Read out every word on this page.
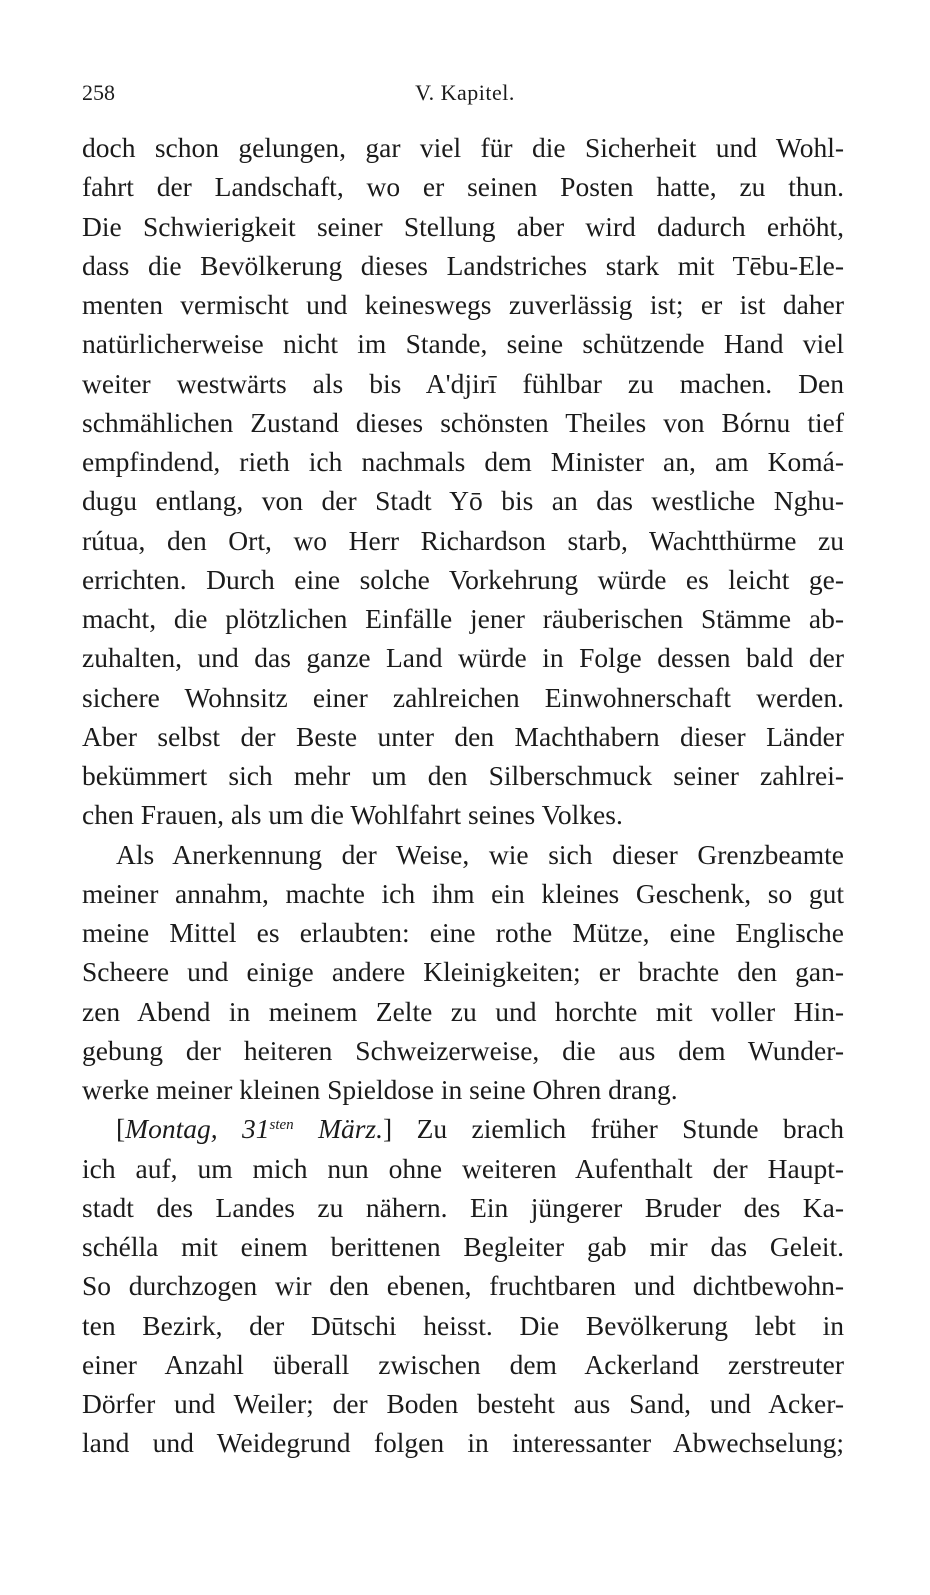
258	V. Kapitel.
doch schon gelungen, gar viel für die Sicherheit und Wohl-
fahrt der Landschaft, wo er seinen Posten hatte, zu thun.
Die Schwierigkeit seiner Stellung aber wird dadurch erhöht,
dass die Bevölkerung dieses Landstriches stark mit Tēbu-Ele-
menten vermischt und keineswegs zuverlässig ist; er ist daher
natürlicherweise nicht im Stande, seine schützende Hand viel
weiter westwärts als bis A'djirī fühlbar zu machen. Den
schmählichen Zustand dieses schönsten Theiles von Bórnu tief
empfindend, rieth ich nachmals dem Minister an, am Komá-
dugu entlang, von der Stadt Yō bis an das westliche Nghu-
rútua, den Ort, wo Herr Richardson starb, Wachtthürme zu
errichten. Durch eine solche Vorkehrung würde es leicht ge-
macht, die plötzlichen Einfälle jener räuberischen Stämme ab-
zuhalten, und das ganze Land würde in Folge dessen bald der
sichere Wohnsitz einer zahlreichen Einwohnerschaft werden.
Aber selbst der Beste unter den Machthabern dieser Länder
bekümmert sich mehr um den Silberschmuck seiner zahlrei-
chen Frauen, als um die Wohlfahrt seines Volkes.
Als Anerkennung der Weise, wie sich dieser Grenzbeamte
meiner annahm, machte ich ihm ein kleines Geschenk, so gut
meine Mittel es erlaubten: eine rothe Mütze, eine Englische
Scheere und einige andere Kleinigkeiten; er brachte den gan-
zen Abend in meinem Zelte zu und horchte mit voller Hin-
gebung der heiteren Schweizerweise, die aus dem Wunder-
werke meiner kleinen Spieldose in seine Ohren drang.
[Montag, $31^{sten}$ März.] Zu ziemlich früher Stunde brach
ich auf, um mich nun ohne weiteren Aufenthalt der Haupt-
stadt des Landes zu nähern. Ein jüngerer Bruder des Ka-
schélla mit einem berittenen Begleiter gab mir das Geleit.
So durchzogen wir den ebenen, fruchtbaren und dichtbewohn-
ten Bezirk, der Dūtschi heisst. Die Bevölkerung lebt in
einer Anzahl überall zwischen dem Ackerland zerstreuter
Dörfer und Weiler; der Boden besteht aus Sand, und Acker-
land und Weidegrund folgen in interessanter Abwechselung;
